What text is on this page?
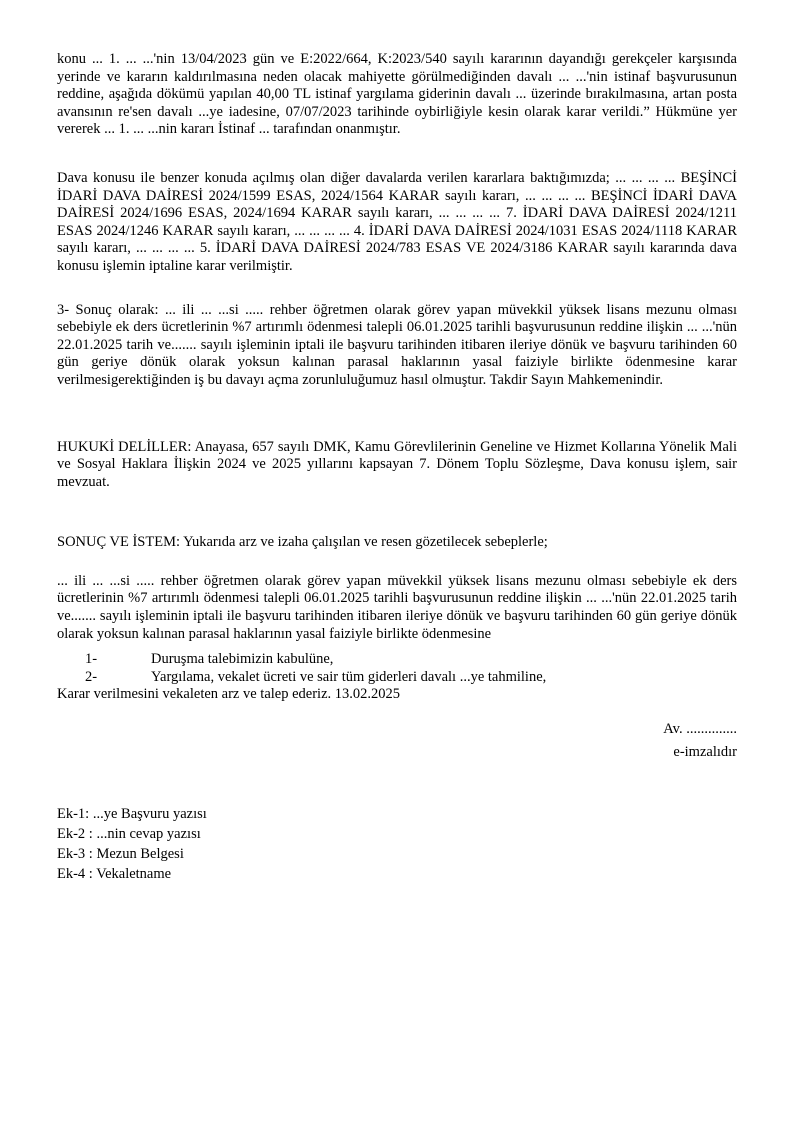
konu ... 1. ... ...'nin 13/04/2023 gün ve E:2022/664, K:2023/540 sayılı kararının dayandığı gerekçeler karşısında yerinde ve kararın kaldırılmasına neden olacak mahiyette görülmediğinden davalı ... ...'nin istinaf başvurusunun reddine, aşağıda dökümü yapılan 40,00 TL istinaf yargılama giderinin davalı ... üzerinde bırakılmasına, artan posta avansının re'sen davalı ...ye iadesine, 07/07/2023 tarihinde oybirliğiyle kesin olarak karar verildi.” Hükmüne yer vererek ... 1. ... ...nin kararı İstinaf ... tarafından onanmıştır.

Dava konusu ile benzer konuda açılmış olan diğer davalarda verilen kararlara baktığımızda; ... ... ... ... BEŞİNCİ İDARİ DAVA DAİRESİ 2024/1599 ESAS, 2024/1564 KARAR sayılı kararı, ... ... ... ... BEŞİNCİ İDARİ DAVA DAİRESİ 2024/1696 ESAS, 2024/1694 KARAR sayılı kararı, ... ... ... ... 7. İDARİ DAVA DAİRESİ 2024/1211 ESAS 2024/1246 KARAR sayılı kararı, ... ... ... ... 4. İDARİ DAVA DAİRESİ 2024/1031 ESAS 2024/1118 KARAR sayılı kararı, ... ... ... ... 5. İDARİ DAVA DAİRESİ 2024/783 ESAS VE 2024/3186 KARAR sayılı kararında dava konusu işlemin iptaline karar verilmiştir.

3- Sonuç olarak: ... ili ... ...si ..... rehber öğretmen olarak görev yapan müvekkil yüksek lisans mezunu olması sebebiyle ek ders ücretlerinin %7 artırımlı ödenmesi talepli 06.01.2025 tarihli başvurusunun reddine ilişkin ... ...'nün 22.01.2025 tarih ve....... sayılı işleminin iptali ile başvuru tarihinden itibaren ileriye dönük ve başvuru tarihinden 60 gün geriye dönük olarak yoksun kalınan parasal haklarının yasal faiziyle birlikte ödenmesine karar verilmesigerektiğinden iş bu davayı açma zorunluluğumuz hasıl olmuştur. Takdir Sayın Mahkemenindir.

HUKUKİ DELİLLER: Anayasa, 657 sayılı DMK, Kamu Görevlilerinin Geneline ve Hizmet Kollarına Yönelik Mali ve Sosyal Haklara İlişkin 2024 ve 2025 yıllarını kapsayan 7. Dönem Toplu Sözleşme, Dava konusu işlem, sair mevzuat.

SONUÇ VE İSTEM: Yukarıda arz ve izaha çalışılan ve resen gözetilecek sebeplerle;

... ili ... ...si ..... rehber öğretmen olarak görev yapan müvekkil yüksek lisans mezunu olması sebebiyle ek ders ücretlerinin %7 artırımlı ödenmesi talepli 06.01.2025 tarihli başvurusunun reddine ilişkin ... ...'nün 22.01.2025 tarih ve....... sayılı işleminin iptali ile başvuru tarihinden itibaren ileriye dönük ve başvuru tarihinden 60 gün geriye dönük olarak yoksun kalınan parasal haklarının yasal faiziyle birlikte ödenmesine

1-	Duruşma talebimizin kabulüne,
2-	Yargılama, vekalet ücreti ve sair tüm giderleri davalı ...ye tahmiline,

Karar verilmesini vekaleten arz ve talep ederiz. 13.02.2025

Av. ..............
e-imzalıdır
Ek-1: ...ye Başvuru yazısı
Ek-2 : ...nin cevap yazısı
Ek-3 : Mezun Belgesi
Ek-4 : Vekaletname
